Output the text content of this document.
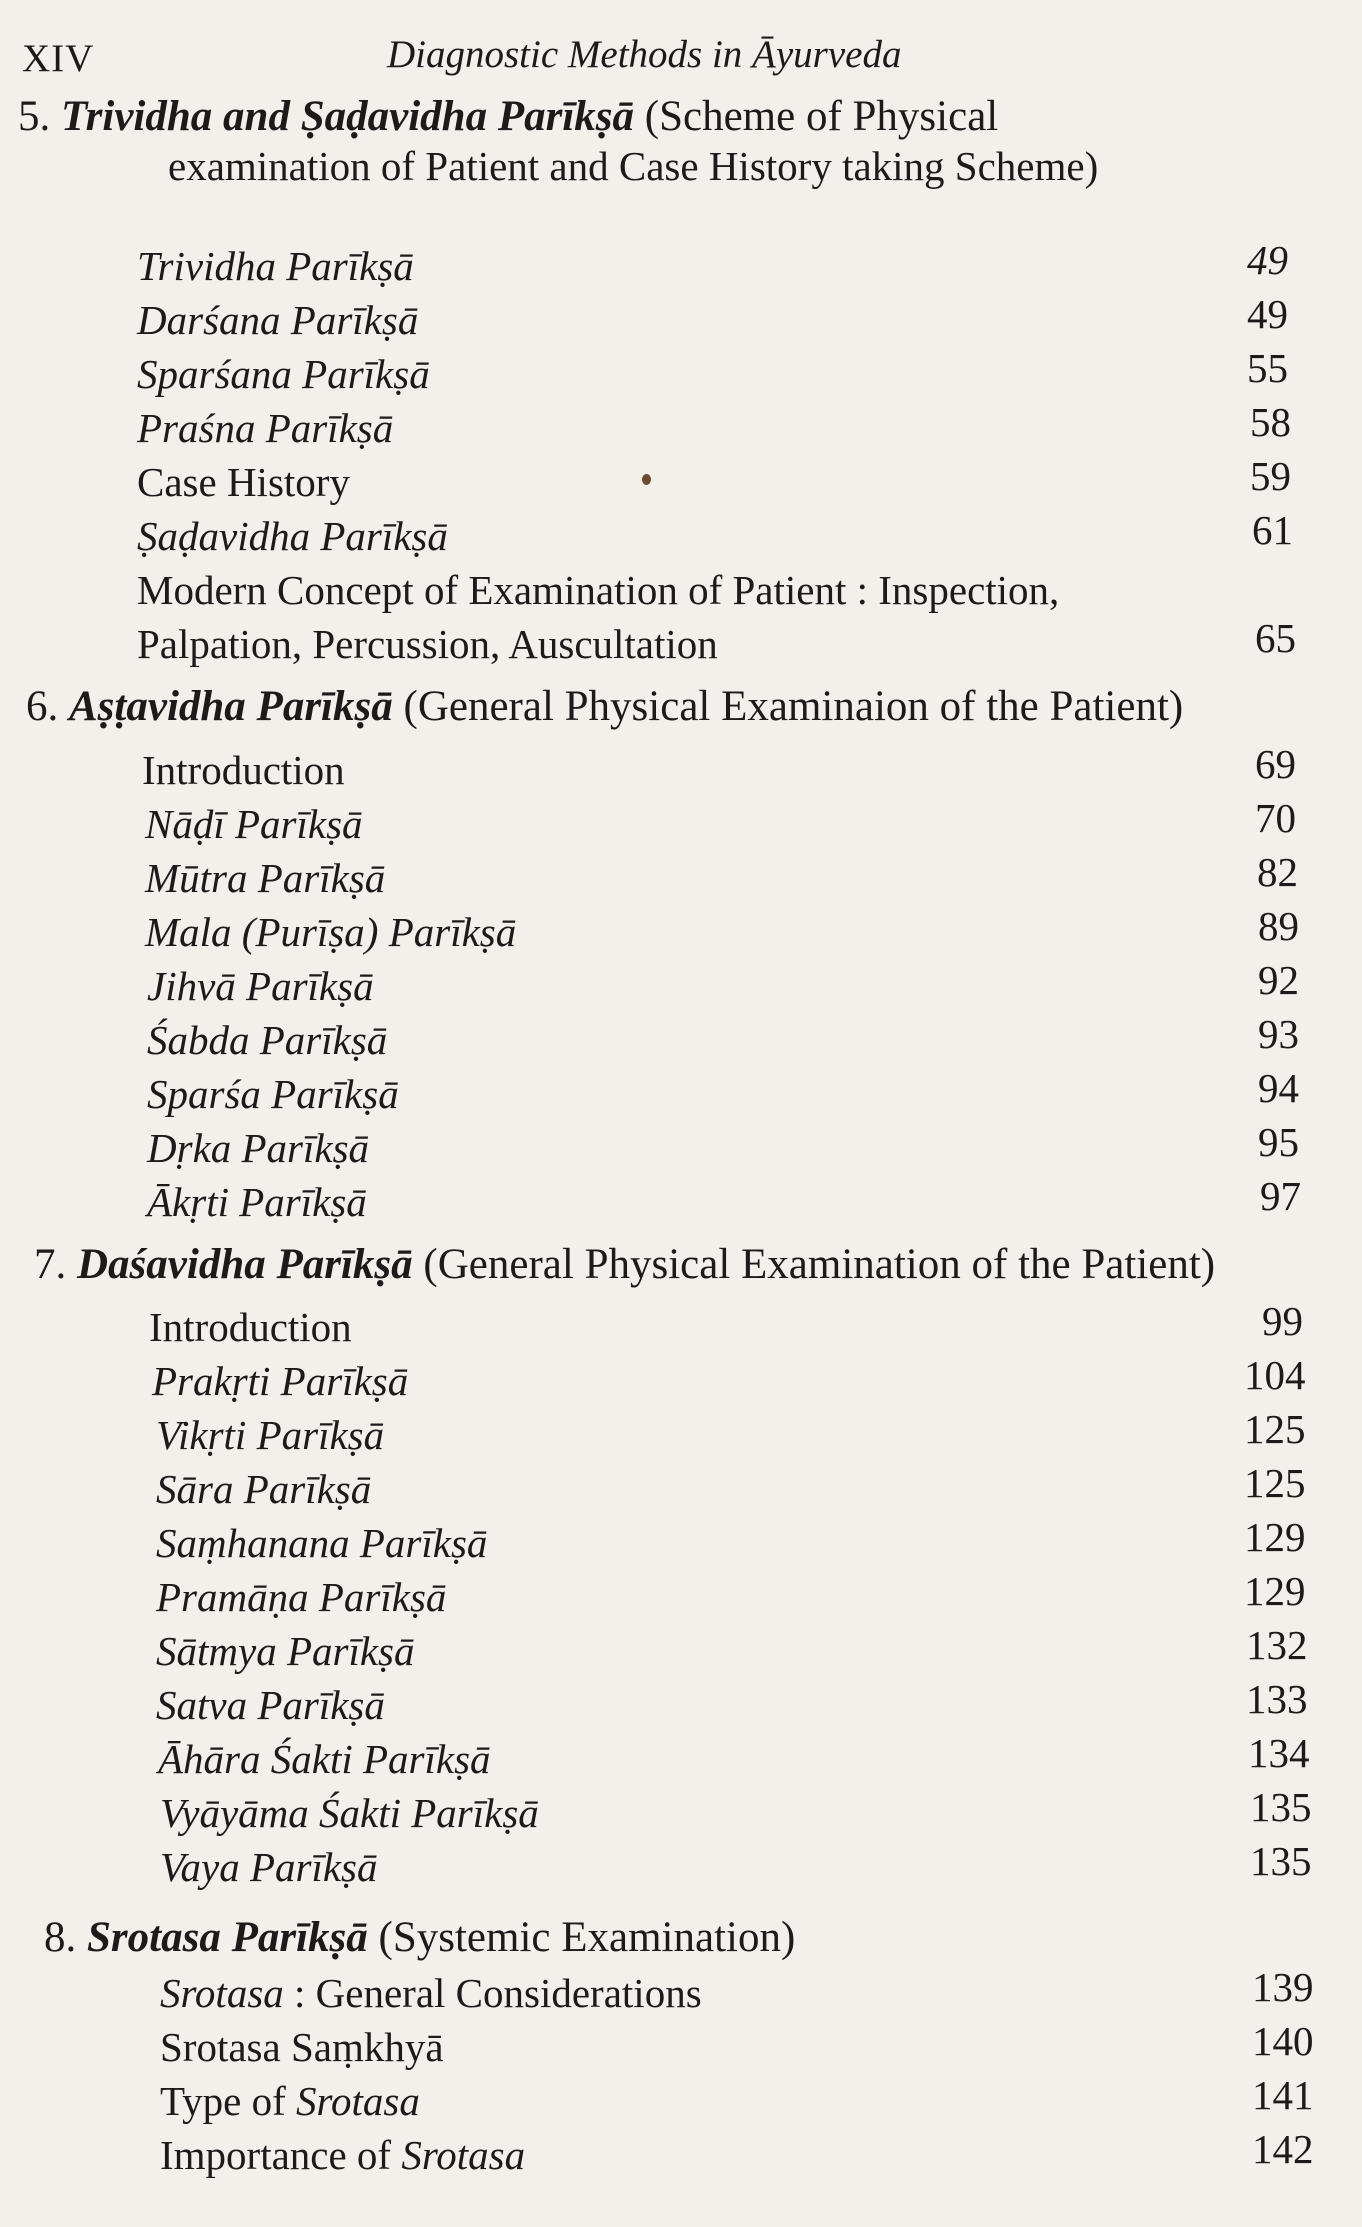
XIV	Diagnostic Methods in Āyurveda
5. Trividha and Ṣaḍavidha Parīkṣā (Scheme of Physical
examination of Patient and Case History taking Scheme)
Trividha Parīkṣā	49
Darśana Parīkṣā	49
Sparśana Parīkṣā	55
Praśna Parīkṣā	58
Case History	59
Ṣaḍavidha Parīkṣā	61
Modern Concept of Examination of Patient : Inspection,
Palpation, Percussion, Auscultation	65
6. Aṣṭavidha Parīkṣā (General Physical Examinaion of the Patient)
Introduction	69
Nāḍī Parīkṣā	70
Mūtra Parīkṣā	82
Mala (Purīṣa) Parīkṣā	89
Jihvā Parīkṣā	92
Śabda Parīkṣā	93
Sparśa Parīkṣā	94
Dṛka Parīkṣā	95
Ākṛti Parīkṣā	97
7. Daśavidha Parīkṣā (General Physical Examination of the Patient)
Introduction	99
Prakṛti Parīkṣā	104
Vikṛti Parīkṣā	125
Sāra Parīkṣā	125
Saṃhanana Parīkṣā	129
Pramāṇa Parīkṣā	129
Sātmya Parīkṣā	132
Satva Parīkṣā	133
Āhāra Śakti Parīkṣā	134
Vyāyāma Śakti Parīkṣā	135
Vaya Parīkṣā	135
8. Srotasa Parīkṣā (Systemic Examination)
Srotasa : General Considerations	139
Srotasa Saṃkhyā	140
Type of Srotasa	141
Importance of Srotasa	142
